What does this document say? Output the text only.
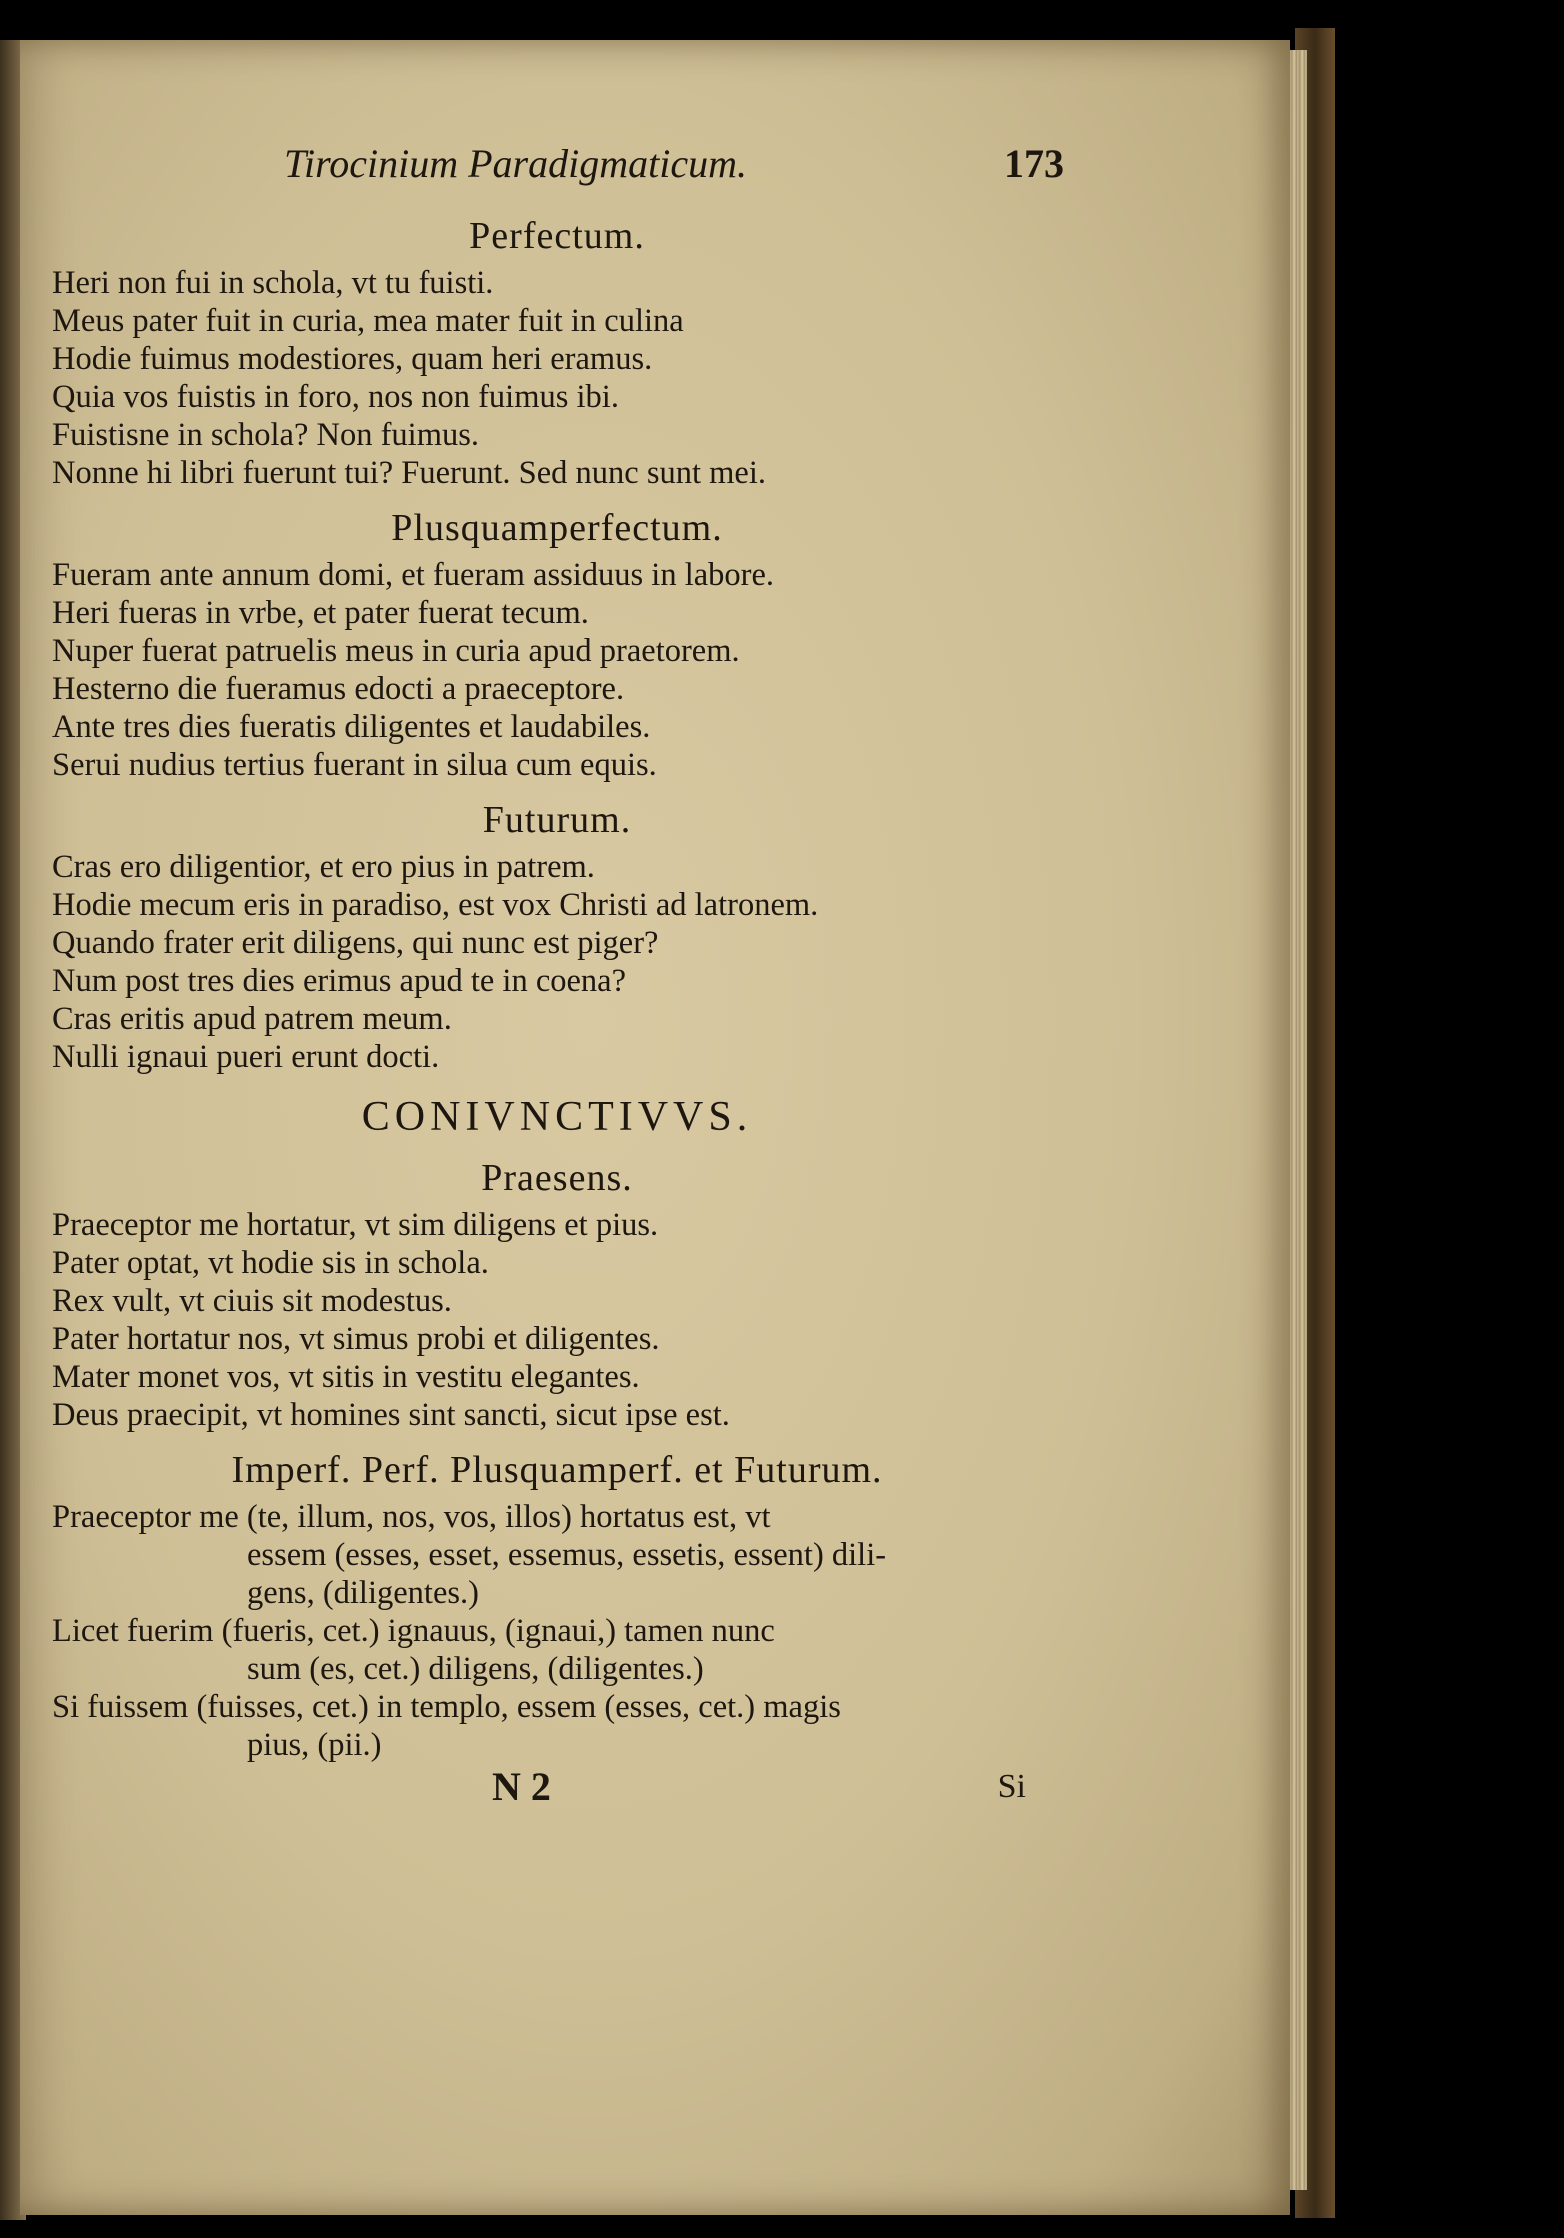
Tirocinium Paradigmaticum.	173
Perfectum.
Heri non fui in schola, vt tu fuisti.
Meus pater fuit in curia, mea mater fuit in culina
Hodie fuimus modestiores, quam heri eramus.
Quia vos fuistis in foro, nos non fuimus ibi.
Fuistisne in schola? Non fuimus.
Nonne hi libri fuerunt tui? Fuerunt. Sed nunc sunt mei.
Plusquamperfectum.
Fueram ante annum domi, et fueram assiduus in labore.
Heri fueras in vrbe, et pater fuerat tecum.
Nuper fuerat patruelis meus in curia apud praetorem.
Hesterno die fueramus edocti a praeceptore.
Ante tres dies fueratis diligentes et laudabiles.
Serui nudius tertius fuerant in silua cum equis.
Futurum.
Cras ero diligentior, et ero pius in patrem.
Hodie mecum eris in paradiso, est vox Christi ad latronem.
Quando frater erit diligens, qui nunc est piger?
Num post tres dies erimus apud te in coena?
Cras eritis apud patrem meum.
Nulli ignaui pueri erunt docti.
CONIVNCTIVVS.
Praesens.
Praeceptor me hortatur, vt sim diligens et pius.
Pater optat, vt hodie sis in schola.
Rex vult, vt ciuis sit modestus.
Pater hortatur nos, vt simus probi et diligentes.
Mater monet vos, vt sitis in vestitu elegantes.
Deus praecipit, vt homines sint sancti, sicut ipse est.
Imperf. Perf. Plusquamperf. et Futurum.
Praeceptor me (te, illum, nos, vos, illos) hortatus est, vt
essem (esses, esset, essemus, essetis, essent) dili-
gens, (diligentes.)
Licet fuerim (fueris, cet.) ignauus, (ignaui,) tamen nunc
sum (es, cet.) diligens, (diligentes.)
Si fuissem (fuisses, cet.) in templo, essem (esses, cet.) magis
pius, (pii.)
N 2	Si
